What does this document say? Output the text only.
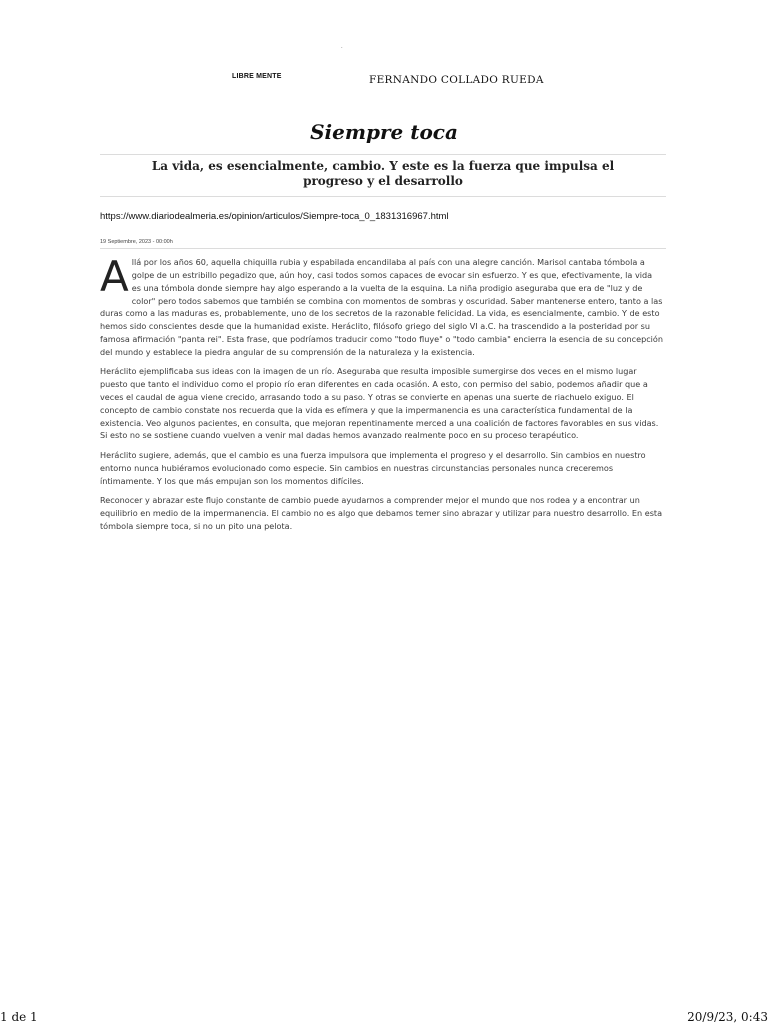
.
LIBRE MENTE	FERNANDO COLLADO RUEDA
Siempre toca
La vida, es esencialmente, cambio. Y este es la fuerza que impulsa el progreso y el desarrollo
https://www.diariodealmeria.es/opinion/articulos/Siempre-toca_0_1831316967.html
19 Septiembre, 2023 - 00:00h

Allá por los años 60, aquella chiquilla rubia y espabilada encandilaba al país con una alegre canción. Marisol cantaba tómbola a golpe de un estribillo pegadizo que, aún hoy, casi todos somos capaces de evocar sin esfuerzo. Y es que, efectivamente, la vida es una tómbola donde siempre hay algo esperando a la vuelta de la esquina. La niña prodigio aseguraba que era de "luz y de color" pero todos sabemos que también se combina con momentos de sombras y oscuridad. Saber mantenerse entero, tanto a las duras como a las maduras es, probablemente, uno de los secretos de la razonable felicidad. La vida, es esencialmente, cambio. Y de esto hemos sido conscientes desde que la humanidad existe. Heráclito, filósofo griego del siglo VI a.C. ha trascendido a la posteridad por su famosa afirmación "panta rei". Esta frase, que podríamos traducir como "todo fluye" o "todo cambia" encierra la esencia de su concepción del mundo y establece la piedra angular de su comprensión de la naturaleza y la existencia.

Heráclito ejemplificaba sus ideas con la imagen de un río. Aseguraba que resulta imposible sumergirse dos veces en el mismo lugar puesto que tanto el individuo como el propio río eran diferentes en cada ocasión. A esto, con permiso del sabio, podemos añadir que a veces el caudal de agua viene crecido, arrasando todo a su paso. Y otras se convierte en apenas una suerte de riachuelo exiguo. El concepto de cambio constate nos recuerda que la vida es efímera y que la impermanencia es una característica fundamental de la existencia. Veo algunos pacientes, en consulta, que mejoran repentinamente merced a una coalición de factores favorables en sus vidas. Si esto no se sostiene cuando vuelven a venir mal dadas hemos avanzado realmente poco en su proceso terapéutico.

Heráclito sugiere, además, que el cambio es una fuerza impulsora que implementa el progreso y el desarrollo. Sin cambios en nuestro entorno nunca hubiéramos evolucionado como especie. Sin cambios en nuestras circunstancias personales nunca creceremos íntimamente. Y los que más empujan son los momentos difíciles.

Reconocer y abrazar este flujo constante de cambio puede ayudarnos a comprender mejor el mundo que nos rodea y a encontrar un equilibrio en medio de la impermanencia. El cambio no es algo que debamos temer sino abrazar y utilizar para nuestro desarrollo. En esta tómbola siempre toca, si no un pito una pelota.

1 de 1	20/9/23, 0:43
